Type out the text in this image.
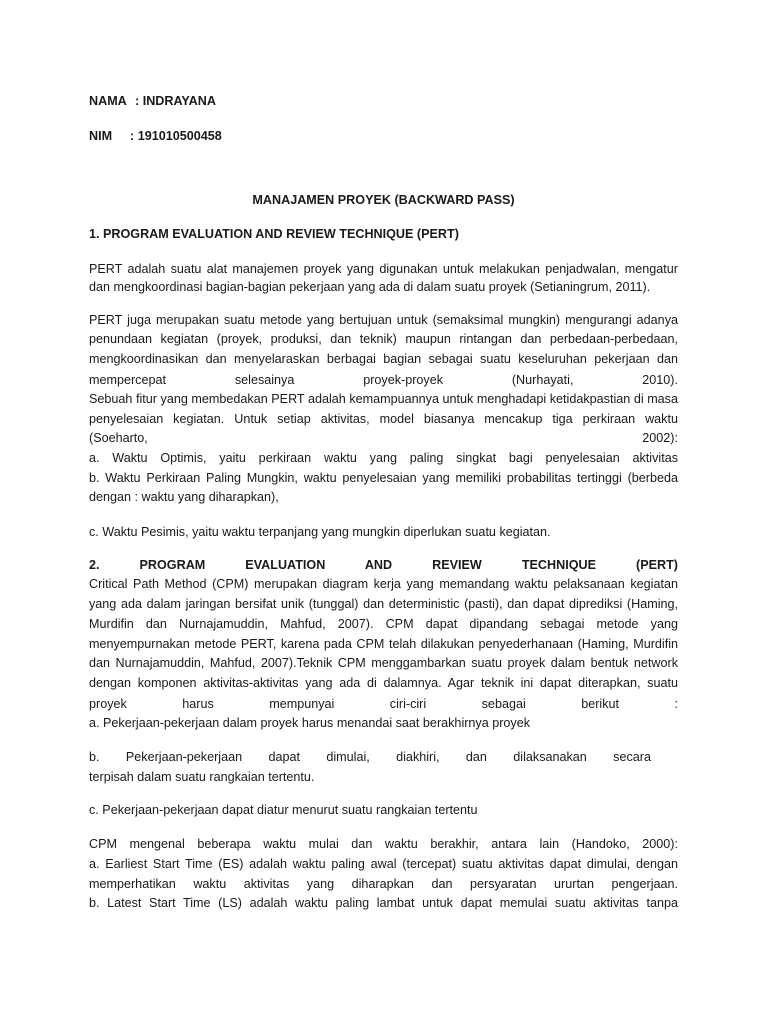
NAMA : INDRAYANA
NIM : 191010500458
MANAJAMEN PROYEK (BACKWARD PASS)
1. PROGRAM EVALUATION AND REVIEW TECHNIQUE (PERT)
PERT adalah suatu alat manajemen proyek yang digunakan untuk melakukan penjadwalan, mengatur
dan mengkoordinasi bagian-bagian pekerjaan yang ada di dalam suatu proyek (Setianingrum, 2011).
PERT juga merupakan suatu metode yang bertujuan untuk (semaksimal mungkin) mengurangi adanya
penundaan kegiatan (proyek, produksi, dan teknik) maupun rintangan dan perbedaan-perbedaan,
mengkoordinasikan dan menyelaraskan berbagai bagian sebagai suatu keseluruhan pekerjaan dan
mempercepat selesainya proyek-proyek (Nurhayati, 2010).
Sebuah fitur yang membedakan PERT adalah kemampuannya untuk menghadapi ketidakpastian di masa
penyelesaian kegiatan. Untuk setiap aktivitas, model biasanya mencakup tiga perkiraan waktu
(Soeharto, 2002):
a. Waktu Optimis, yaitu perkiraan waktu yang paling singkat bagi penyelesaian aktivitas
b. Waktu Perkiraan Paling Mungkin, waktu penyelesaian yang memiliki probabilitas tertinggi (berbeda
dengan : waktu yang diharapkan),
c. Waktu Pesimis, yaitu waktu terpanjang yang mungkin diperlukan suatu kegiatan.
2. PROGRAM EVALUATION AND REVIEW TECHNIQUE (PERT)
Critical Path Method (CPM) merupakan diagram kerja yang memandang waktu pelaksanaan kegiatan
yang ada dalam jaringan bersifat unik (tunggal) dan deterministic (pasti), dan dapat diprediksi (Haming,
Murdifin dan Nurnajamuddin, Mahfud, 2007). CPM dapat dipandang sebagai metode yang
menyempurnakan metode PERT, karena pada CPM telah dilakukan penyederhanaan (Haming, Murdifin
dan Nurnajamuddin, Mahfud, 2007).Teknik CPM menggambarkan suatu proyek dalam bentuk network
dengan komponen aktivitas-aktivitas yang ada di dalamnya. Agar teknik ini dapat diterapkan, suatu
proyek harus mempunyai ciri-ciri sebagai berikut :
a. Pekerjaan-pekerjaan dalam proyek harus menandai saat berakhirnya proyek
b. Pekerjaan-pekerjaan dapat dimulai, diakhiri, dan dilaksanakan secara
terpisah dalam suatu rangkaian tertentu.
c. Pekerjaan-pekerjaan dapat diatur menurut suatu rangkaian tertentu
CPM mengenal beberapa waktu mulai dan waktu berakhir, antara lain (Handoko, 2000):
a. Earliest Start Time (ES) adalah waktu paling awal (tercepat) suatu aktivitas dapat dimulai, dengan
memperhatikan waktu aktivitas yang diharapkan dan persyaratan ururtan pengerjaan.
b. Latest Start Time (LS) adalah waktu paling lambat untuk dapat memulai suatu aktivitas tanpa
